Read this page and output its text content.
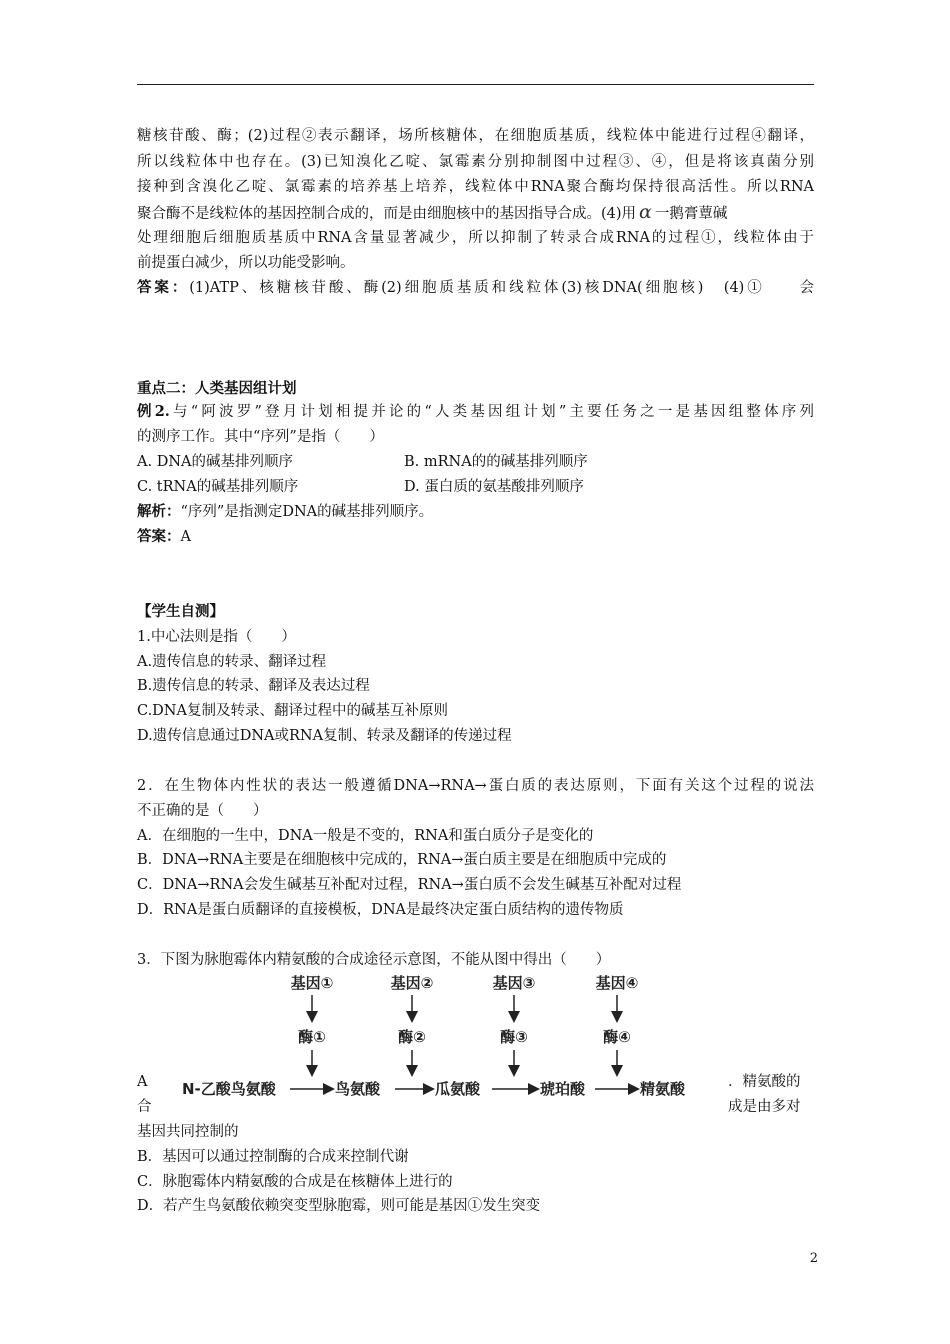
糖核苷酸、酶；(2)过程②表示翻译，场所核糖体，在细胞质基质，线粒体中能进行过程④翻译，
所以线粒体中也存在。(3)已知溴化乙啶、氯霉素分别抑制图中过程③、④，但是将该真菌分别
接种到含溴化乙啶、氯霉素的培养基上培养，线粒体中RNA聚合酶均保持很高活性。所以RNA
聚合酶不是线粒体的基因控制合成的，而是由细胞核中的基因指导合成。(4)用 α 一鹅膏蕈碱
处理细胞后细胞质基质中RNA含量显著减少，所以抑制了转录合成RNA的过程①，线粒体由于
前提蛋白减少，所以功能受影响。
答案：(1)ATP、核糖核苷酸、酶(2)细胞质基质和线粒体(3)核DNA(细胞核)　(4)①　　会
重点二：人类基因组计划
例2.与“阿波罗”登月计划相提并论的“人类基因组计划”主要任务之一是基因组整体序列
的测序工作。其中“序列”是指（　　）
A. DNA的碱基排列顺序	B. mRNA的的碱基排列顺序
C. tRNA的碱基排列顺序	D. 蛋白质的氨基酸排列顺序
解析：“序列”是指测定DNA的碱基排列顺序。
答案：A
【学生自测】
1.中心法则是指（　　）
A.遗传信息的转录、翻译过程
B.遗传信息的转录、翻译及表达过程
C.DNA复制及转录、翻译过程中的碱基互补原则
D.遗传信息通过DNA或RNA复制、转录及翻译的传递过程
2．在生物体内性状的表达一般遵循DNA→RNA→蛋白质的表达原则，下面有关这个过程的说法
不正确的是（　　）
A．在细胞的一生中，DNA一般是不变的，RNA和蛋白质分子是变化的
B．DNA→RNA主要是在细胞核中完成的，RNA→蛋白质主要是在细胞质中完成的
C．DNA→RNA会发生碱基互补配对过程，RNA→蛋白质不会发生碱基互补配对过程
D．RNA是蛋白质翻译的直接模板，DNA是最终决定蛋白质结构的遗传物质
3．下图为脉胞霉体内精氨酸的合成途径示意图，不能从图中得出（　　）
基因①	基因②	基因③	基因④
酶①	酶②	酶③	酶④
N-乙酸鸟氨酸	鸟氨酸	瓜氨酸	琥珀酸	精氨酸
A
合
．精氨酸的
成是由多对
基因共同控制的
B．基因可以通过控制酶的合成来控制代谢
C．脉胞霉体内精氨酸的合成是在核糖体上进行的
D．若产生鸟氨酸依赖突变型脉胞霉，则可能是基因①发生突变
2
